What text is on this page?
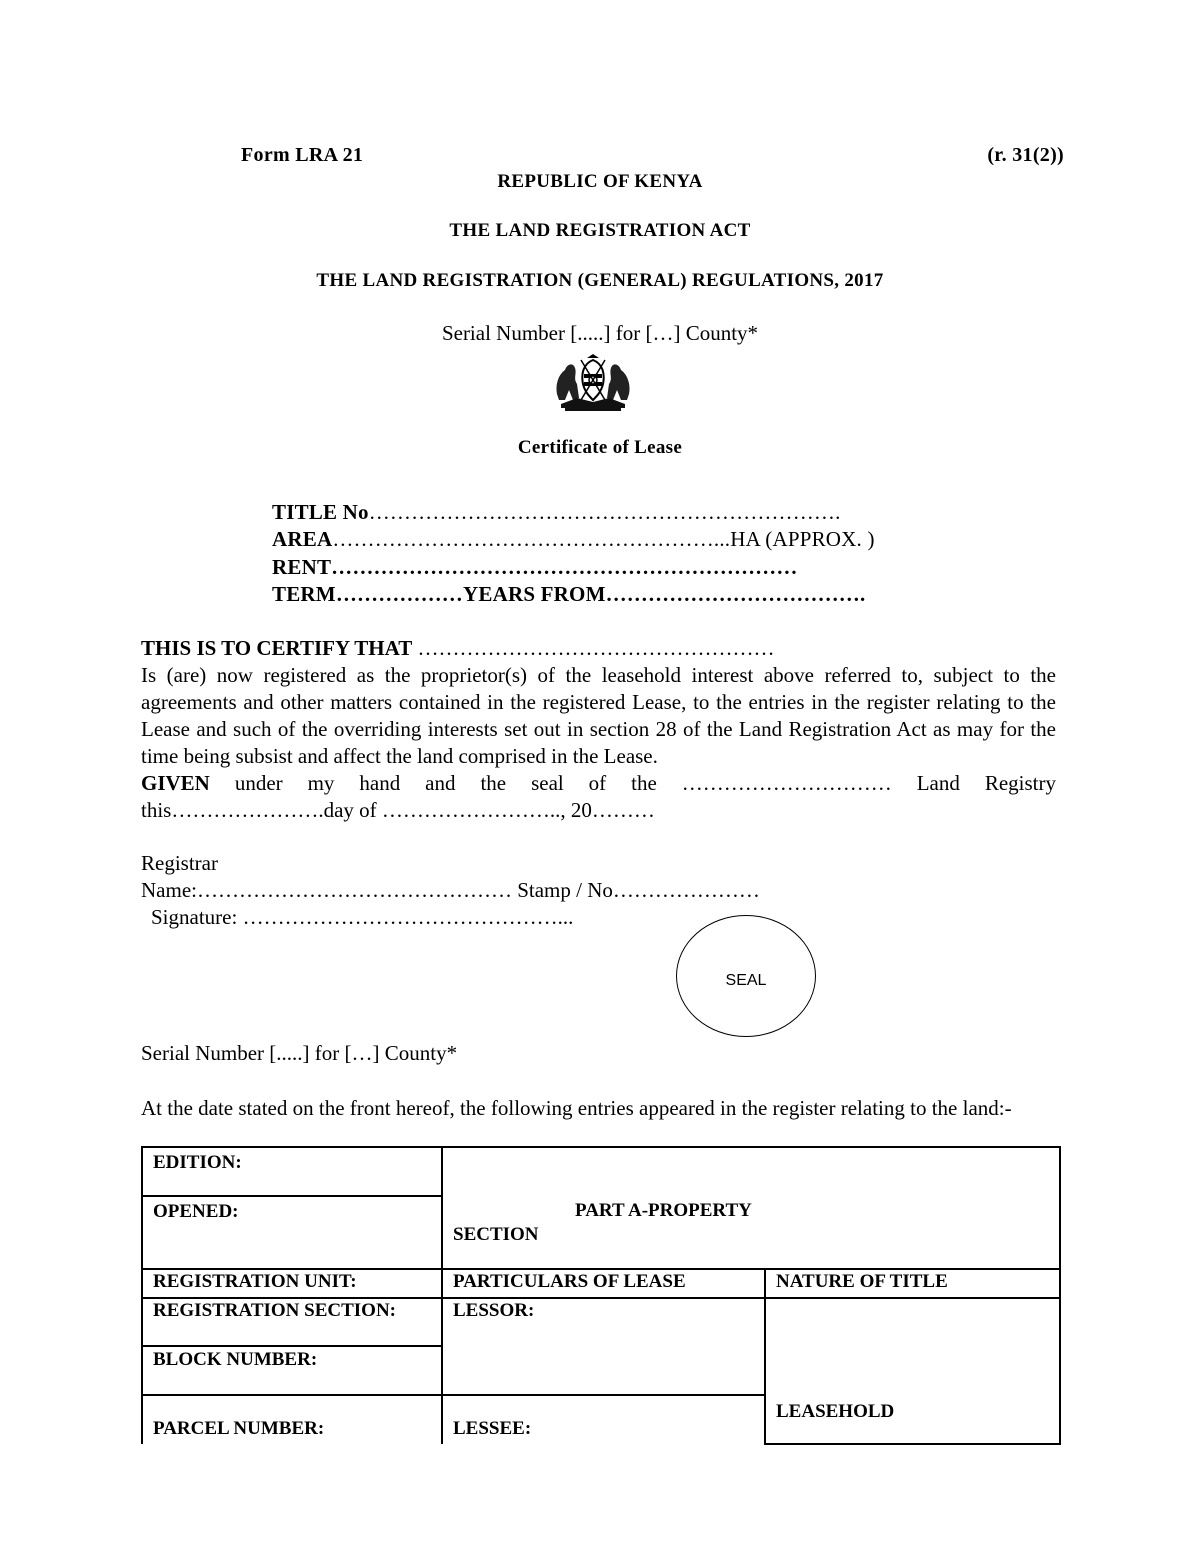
Form LRA 21	(r. 31(2))
REPUBLIC OF KENYA
THE LAND REGISTRATION ACT
THE LAND REGISTRATION (GENERAL) REGULATIONS, 2017
Serial Number [.....] for […] County*
Certificate of Lease
TITLE No………………………………………………………….
AREA………………………………………………...HA (APPROX. )
RENT…………………………………………………………
TERM………………YEARS FROM……………………………….

THIS IS TO CERTIFY THAT ……………………………………………

Is (are) now registered as the proprietor(s) of the leasehold interest above referred to, subject to the agreements and other matters contained in the registered Lease, to the entries in the register relating to the Lease and such of the overriding interests set out in section 28 of the Land Registration Act as may for the time being subsist and affect the land comprised in the Lease.

GIVEN under my hand and the seal of the ………………………… Land Registry this………………….day of …………………….., 20………

Registrar
Name:……………………………………… Stamp / No…………………
Signature: ………………………………………...
SEAL
Serial Number [.....] for […] County*
At the date stated on the front hereof, the following entries appeared in the register relating to the land:-
EDITION:	PART A-PROPERTY
SECTION	

OPENED:		
REGISTRATION UNIT:	PARTICULARS OF LEASE	NATURE OF TITLE
REGISTRATION SECTION:	LESSOR:	LEASEHOLD
BLOCK NUMBER:		
PARCEL NUMBER:	LESSEE:	
